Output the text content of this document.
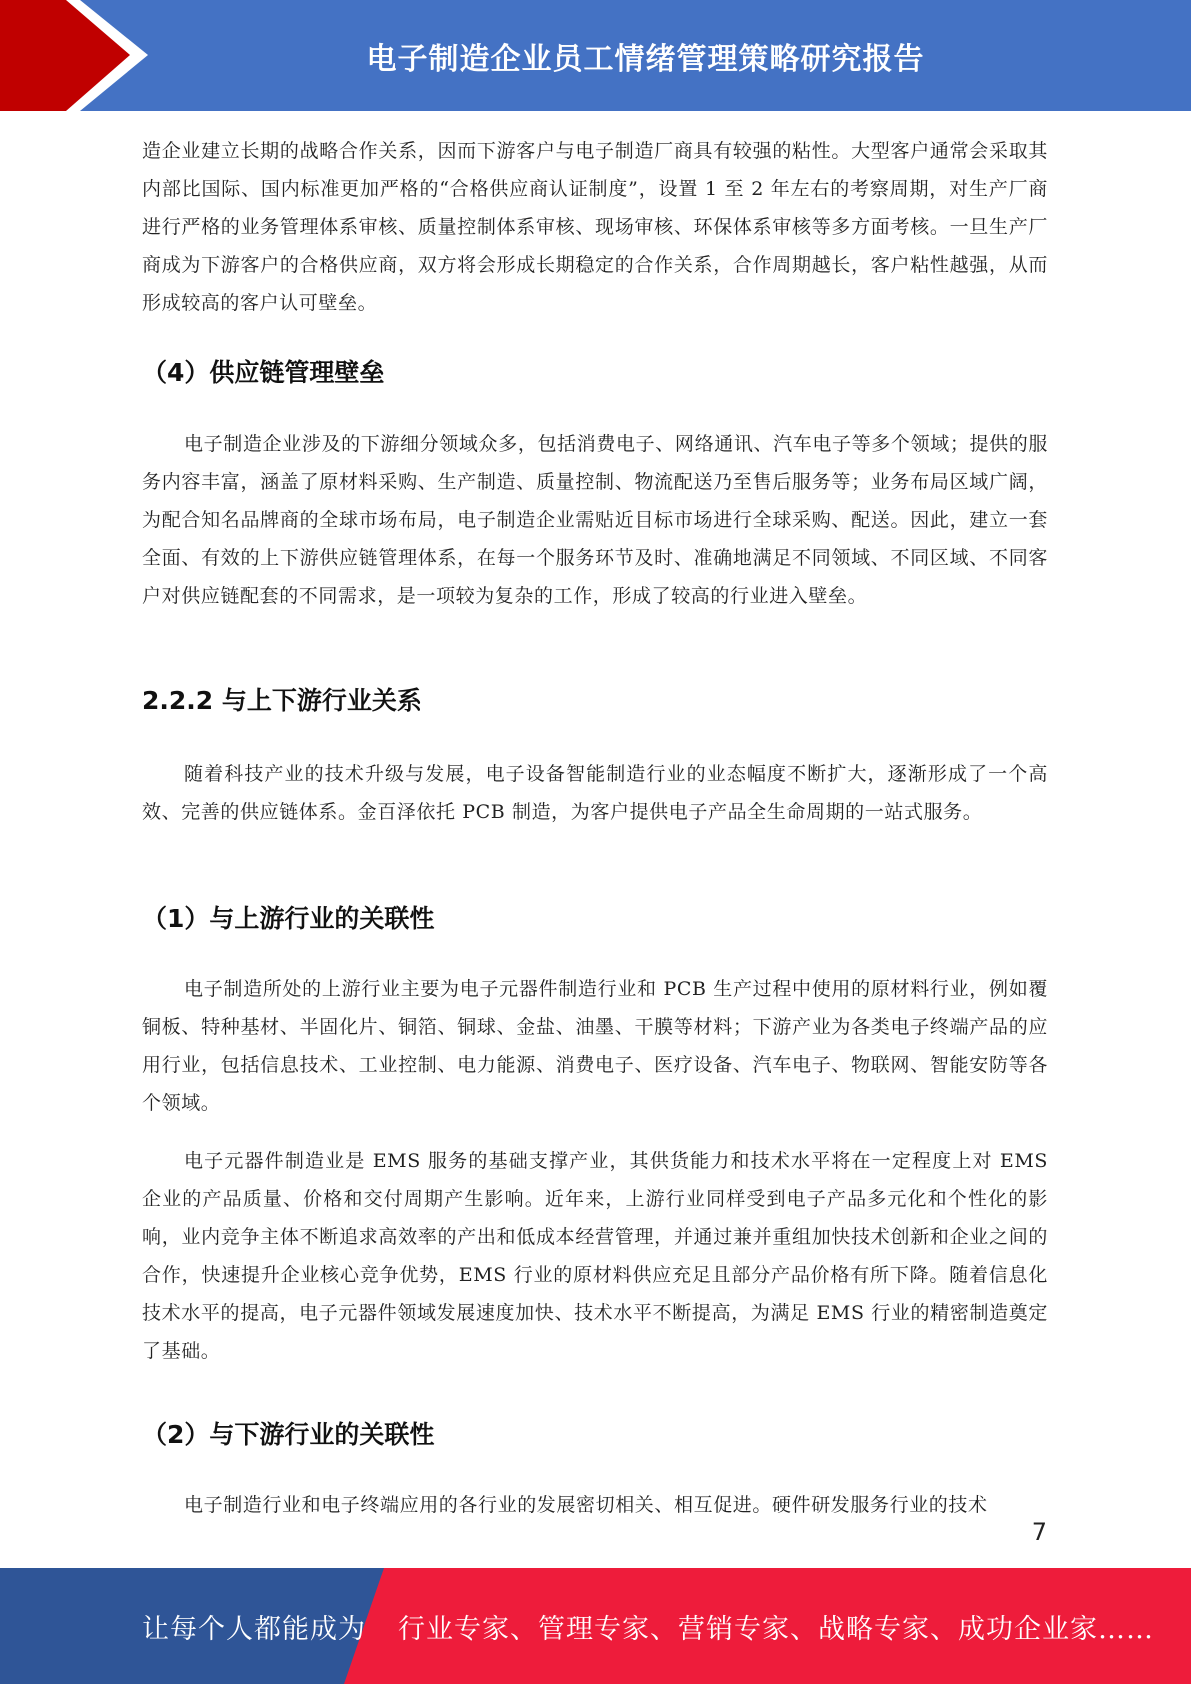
电子制造企业员工情绪管理策略研究报告

造企业建立长期的战略合作关系，因而下游客户与电子制造厂商具有较强的粘性。大型客户通常会采取其内部比国际、国内标准更加严格的“合格供应商认证制度”，设置 1 至 2 年左右的考察周期，对生产厂商进行严格的业务管理体系审核、质量控制体系审核、现场审核、环保体系审核等多方面考核。一旦生产厂商成为下游客户的合格供应商，双方将会形成长期稳定的合作关系，合作周期越长，客户粘性越强，从而形成较高的客户认可壁垒。

（4）供应链管理壁垒

电子制造企业涉及的下游细分领域众多，包括消费电子、网络通讯、汽车电子等多个领域；提供的服务内容丰富，涵盖了原材料采购、生产制造、质量控制、物流配送乃至售后服务等；业务布局区域广阔，为配合知名品牌商的全球市场布局，电子制造企业需贴近目标市场进行全球采购、配送。因此，建立一套全面、有效的上下游供应链管理体系，在每一个服务环节及时、准确地满足不同领域、不同区域、不同客户对供应链配套的不同需求，是一项较为复杂的工作，形成了较高的行业进入壁垒。

2.2.2 与上下游行业关系

随着科技产业的技术升级与发展，电子设备智能制造行业的业态幅度不断扩大，逐渐形成了一个高效、完善的供应链体系。金百泽依托 PCB 制造，为客户提供电子产品全生命周期的一站式服务。

（1）与上游行业的关联性

电子制造所处的上游行业主要为电子元器件制造行业和 PCB 生产过程中使用的原材料行业，例如覆铜板、特种基材、半固化片、铜箔、铜球、金盐、油墨、干膜等材料；下游产业为各类电子终端产品的应用行业，包括信息技术、工业控制、电力能源、消费电子、医疗设备、汽车电子、物联网、智能安防等各个领域。

电子元器件制造业是 EMS 服务的基础支撑产业，其供货能力和技术水平将在一定程度上对 EMS 企业的产品质量、价格和交付周期产生影响。近年来，上游行业同样受到电子产品多元化和个性化的影响，业内竞争主体不断追求高效率的产出和低成本经营管理，并通过兼并重组加快技术创新和企业之间的合作，快速提升企业核心竞争优势，EMS 行业的原材料供应充足且部分产品价格有所下降。随着信息化技术水平的提高，电子元器件领域发展速度加快、技术水平不断提高，为满足 EMS 行业的精密制造奠定了基础。

（2）与下游行业的关联性

电子制造行业和电子终端应用的各行业的发展密切相关、相互促进。硬件研发服务行业的技术

7
让每个人都能成为 行业专家、管理专家、营销专家、战略专家、成功企业家……
